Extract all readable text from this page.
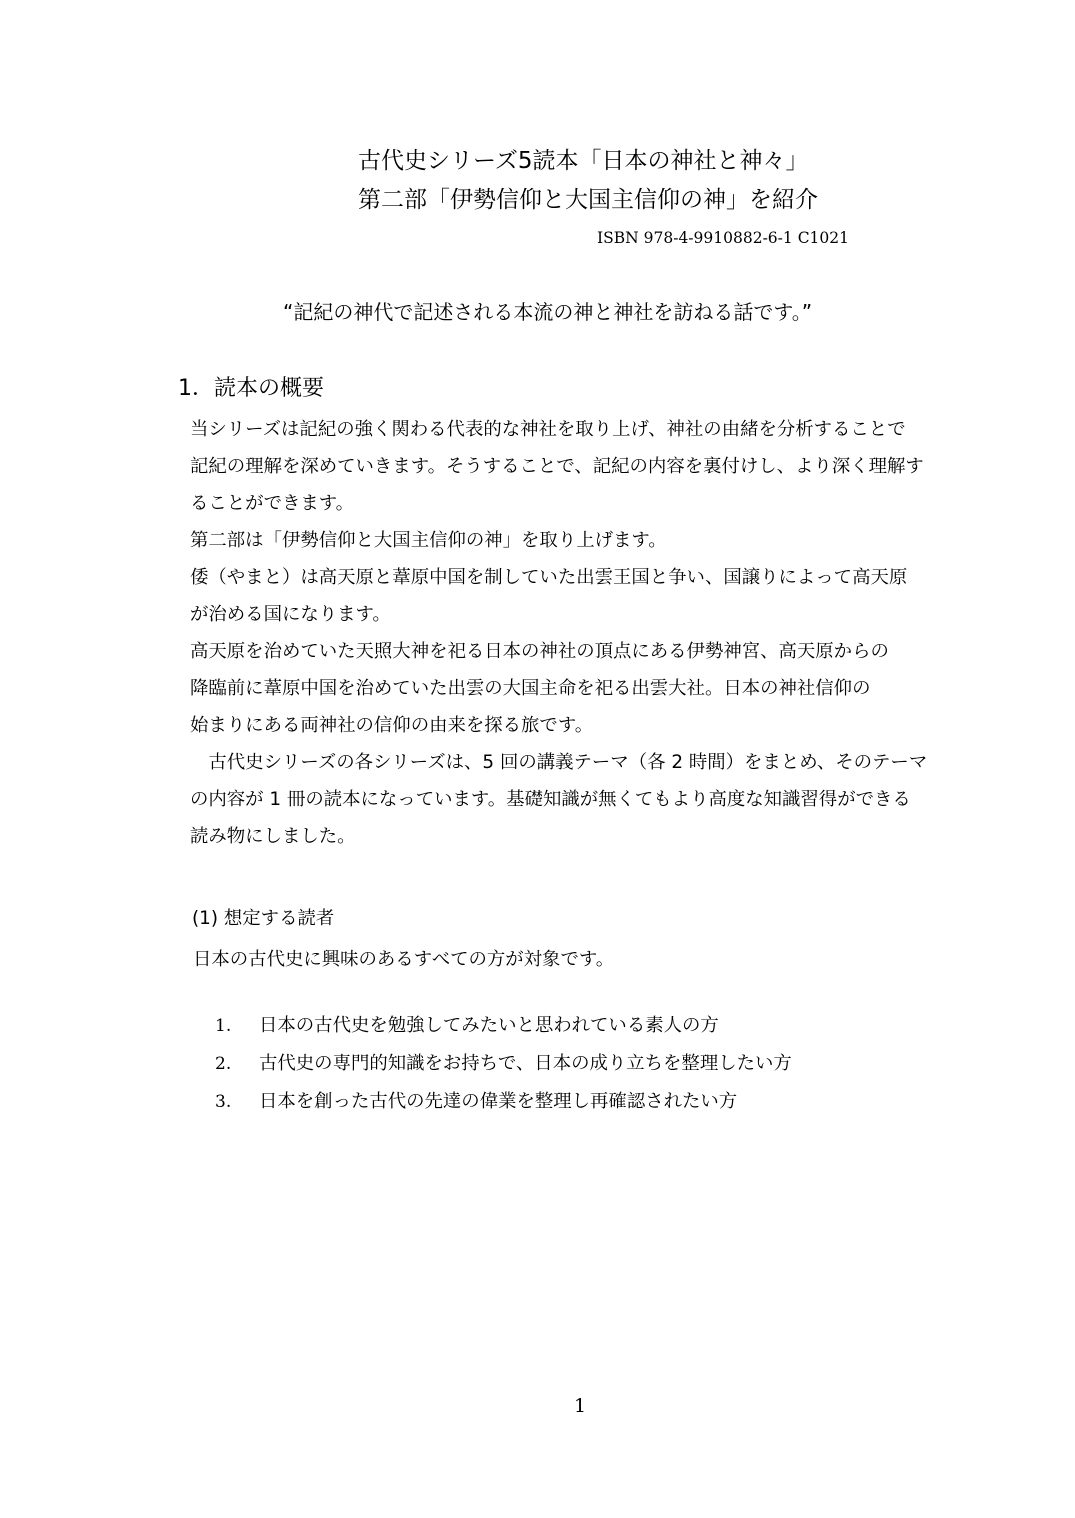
古代史シリーズ5読本「日本の神社と神々」
第二部「伊勢信仰と大国主信仰の神」を紹介
ISBN 978-4-9910882-6-1 C1021
“記紀の神代で記述される本流の神と神社を訪ねる話です。”
1．読本の概要

当シリーズは記紀の強く関わる代表的な神社を取り上げ、神社の由緒を分析することで

記紀の理解を深めていきます。そうすることで、記紀の内容を裏付けし、より深く理解す

ることができます。

第二部は「伊勢信仰と大国主信仰の神」を取り上げます。

倭（やまと）は高天原と葦原中国を制していた出雲王国と争い、国譲りによって高天原

が治める国になります。

高天原を治めていた天照大神を祀る日本の神社の頂点にある伊勢神宮、高天原からの

降臨前に葦原中国を治めていた出雲の大国主命を祀る出雲大社。日本の神社信仰の

始まりにある両神社の信仰の由来を探る旅です。

　古代史シリーズの各シリーズは、5 回の講義テーマ（各 2 時間）をまとめ、そのテーマ

の内容が 1 冊の読本になっています。基礎知識が無くてもより高度な知識習得ができる

読み物にしました。

(1) 想定する読者
日本の古代史に興味のあるすべての方が対象です。
1. 日本の古代史を勉強してみたいと思われている素人の方
2. 古代史の専門的知識をお持ちで、日本の成り立ちを整理したい方
3. 日本を創った古代の先達の偉業を整理し再確認されたい方
1
